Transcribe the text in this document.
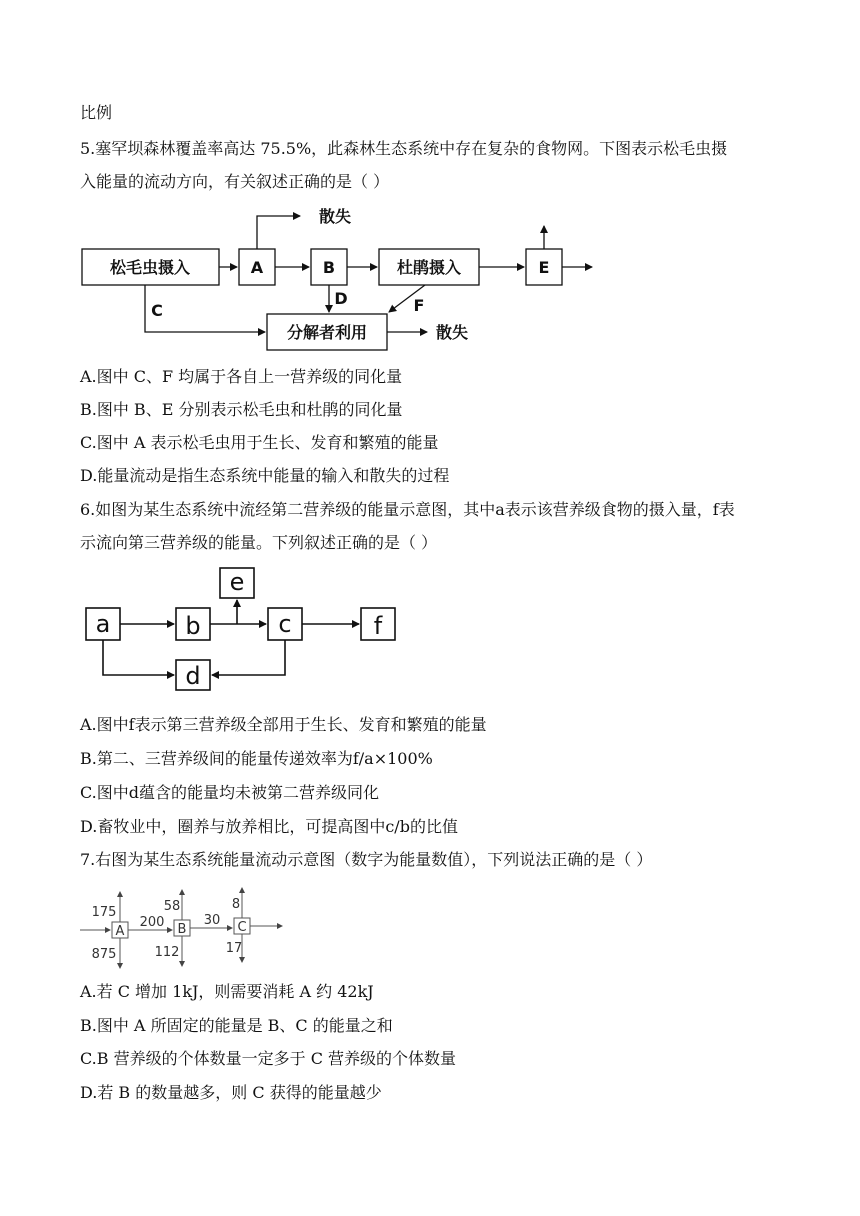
比例
5.塞罕坝森林覆盖率高达 75.5%，此森林生态系统中存在复杂的食物网。下图表示松毛虫摄
入能量的流动方向，有关叙述正确的是（ ）
松毛虫摄入	A	B	杜鹃摄入	E
分解者利用
散失
散失
C
D	F
A.图中 C、F 均属于各自上一营养级的同化量
B.图中 B、E 分别表示松毛虫和杜鹃的同化量
C.图中 A 表示松毛虫用于生长、发育和繁殖的能量
D.能量流动是指生态系统中能量的输入和散失的过程
6.如图为某生态系统中流经第二营养级的能量示意图，其中a表示该营养级食物的摄入量，f表
示流向第三营养级的能量。下列叙述正确的是（ ）
a	b	c	f
e
d
A.图中f表示第三营养级全部用于生长、发育和繁殖的能量
B.第二、三营养级间的能量传递效率为f/a×100%
C.图中d蕴含的能量均未被第二营养级同化
D.畜牧业中，圈养与放养相比，可提高图中c/b的比值
7.右图为某生态系统能量流动示意图（数字为能量数值），下列说法正确的是（ ）
A	B	C
175
875
200
58
112
30
8
17
A.若 C 增加 1kJ，则需要消耗 A 约 42kJ
B.图中 A 所固定的能量是 B、C 的能量之和
C.B 营养级的个体数量一定多于 C 营养级的个体数量
D.若 B 的数量越多，则 C 获得的能量越少
